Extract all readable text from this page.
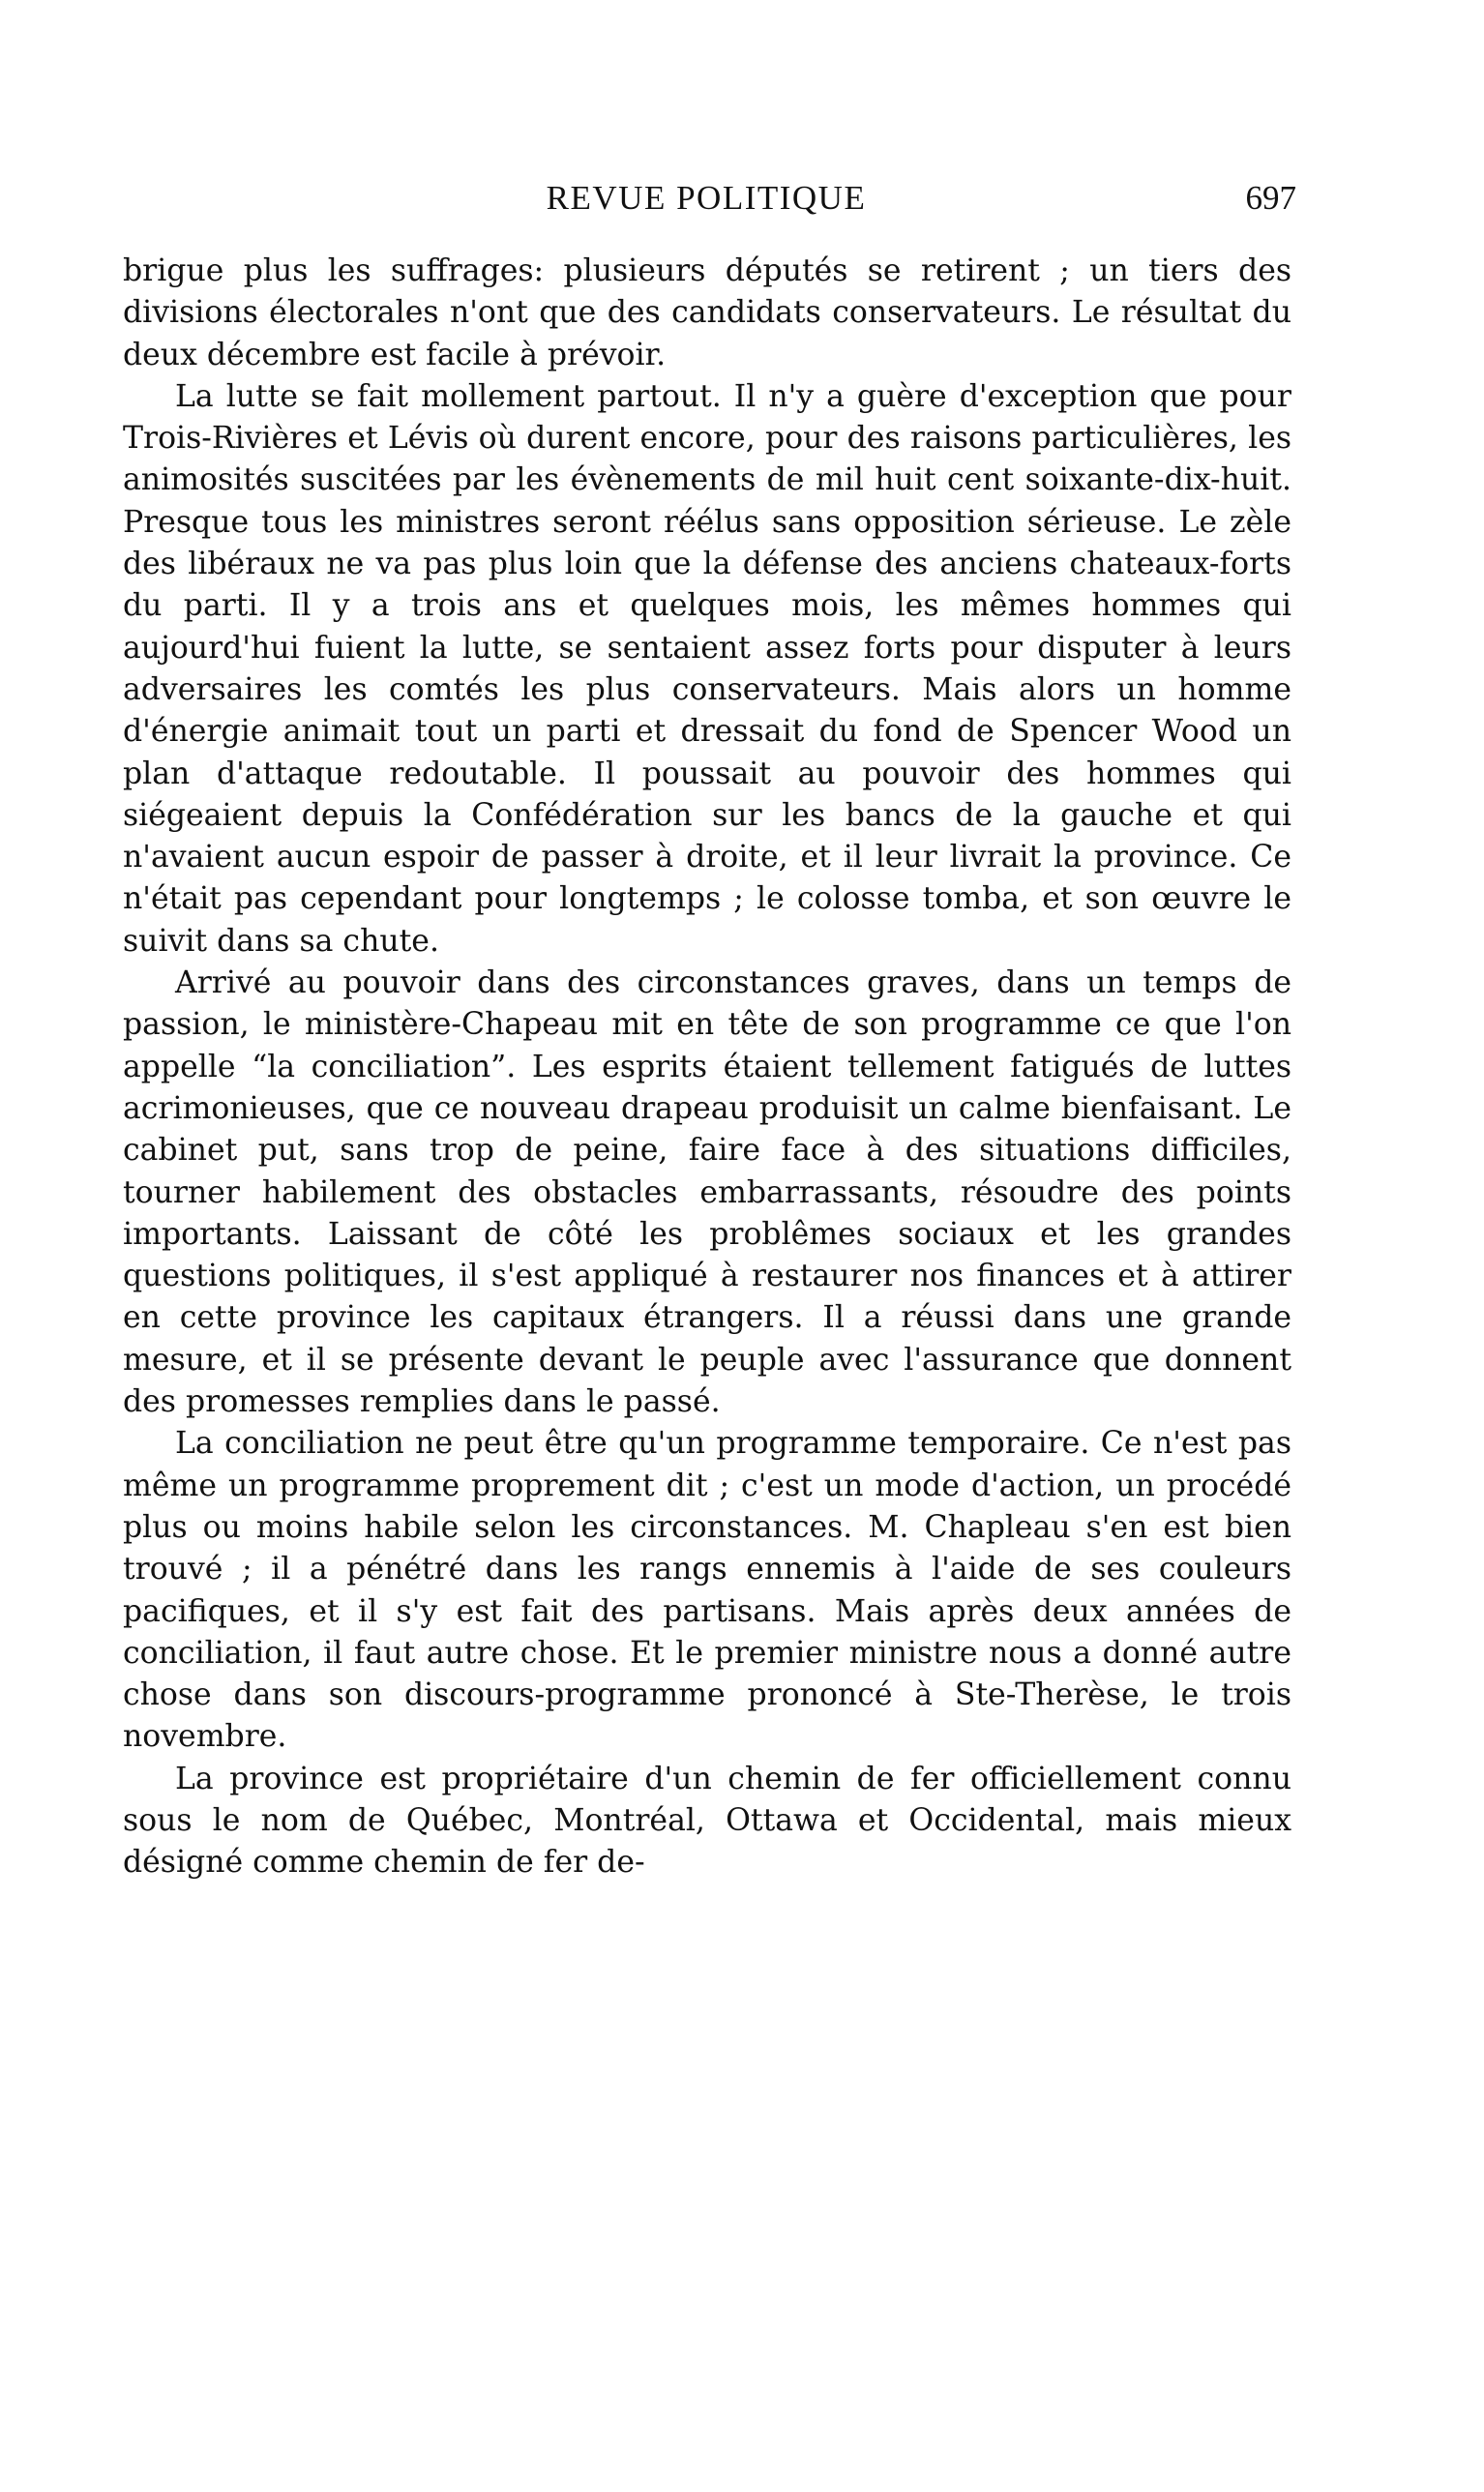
REVUE POLITIQUE	697

brigue plus les suffrages: plusieurs députés se retirent ; un tiers des divisions électorales n'ont que des candidats conservateurs. Le résultat du deux décembre est facile à prévoir.

La lutte se fait mollement partout. Il n'y a guère d'exception que pour Trois-Rivières et Lévis où durent encore, pour des raisons particulières, les animosités suscitées par les évènements de mil huit cent soixante-dix-huit. Presque tous les ministres seront réélus sans opposition sérieuse. Le zèle des libéraux ne va pas plus loin que la défense des anciens chateaux-forts du parti. Il y a trois ans et quelques mois, les mêmes hommes qui aujourd'hui fuient la lutte, se sentaient assez forts pour disputer à leurs adversaires les comtés les plus conservateurs. Mais alors un homme d'énergie animait tout un parti et dressait du fond de Spencer Wood un plan d'attaque redoutable. Il poussait au pouvoir des hommes qui siégeaient depuis la Confédération sur les bancs de la gauche et qui n'avaient aucun espoir de passer à droite, et il leur livrait la province. Ce n'était pas cependant pour longtemps ; le colosse tomba, et son œuvre le suivit dans sa chute.

Arrivé au pouvoir dans des circonstances graves, dans un temps de passion, le ministère-Chapeau mit en tête de son programme ce que l'on appelle “la conciliation”. Les esprits étaient tellement fatigués de luttes acrimonieuses, que ce nouveau drapeau produisit un calme bienfaisant. Le cabinet put, sans trop de peine, faire face à des situations difficiles, tourner habilement des obstacles embarrassants, résoudre des points importants. Laissant de côté les problêmes sociaux et les grandes questions politiques, il s'est appliqué à restaurer nos finances et à attirer en cette province les capitaux étrangers. Il a réussi dans une grande mesure, et il se présente devant le peuple avec l'assurance que donnent des promesses remplies dans le passé.

La conciliation ne peut être qu'un programme temporaire. Ce n'est pas même un programme proprement dit ; c'est un mode d'action, un procédé plus ou moins habile selon les circonstances. M. Chapleau s'en est bien trouvé ; il a pénétré dans les rangs ennemis à l'aide de ses couleurs pacifiques, et il s'y est fait des partisans. Mais après deux années de conciliation, il faut autre chose. Et le premier ministre nous a donné autre chose dans son discours-programme prononcé à Ste-Therèse, le trois novembre.

La province est propriétaire d'un chemin de fer officiellement connu sous le nom de Québec, Montréal, Ottawa et Occidental, mais mieux désigné comme chemin de fer de-
